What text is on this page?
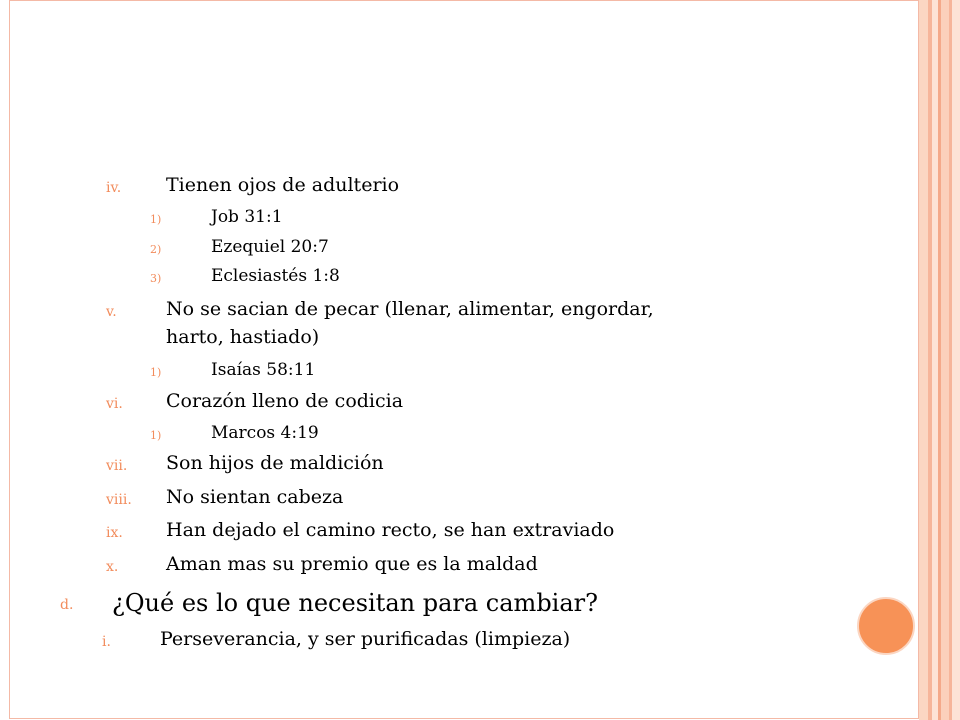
iv. Tienen ojos de adulterio
1)	Job 31:1
2)	Ezequiel 20:7
3)	Eclesiastés 1:8
v.	No se sacian de pecar (llenar, alimentar, engordar,
harto, hastiado)
1)	Isaías 58:11
vi. Corazón lleno de codicia
1)	Marcos 4:19
vii. Son hijos de maldición
viii. No sientan cabeza
ix. Han dejado el camino recto, se han extraviado
x.	Aman mas su premio que es la maldad
d. ¿Qué es lo que necesitan para cambiar?
i.	Perseverancia, y ser purificadas (limpieza)
